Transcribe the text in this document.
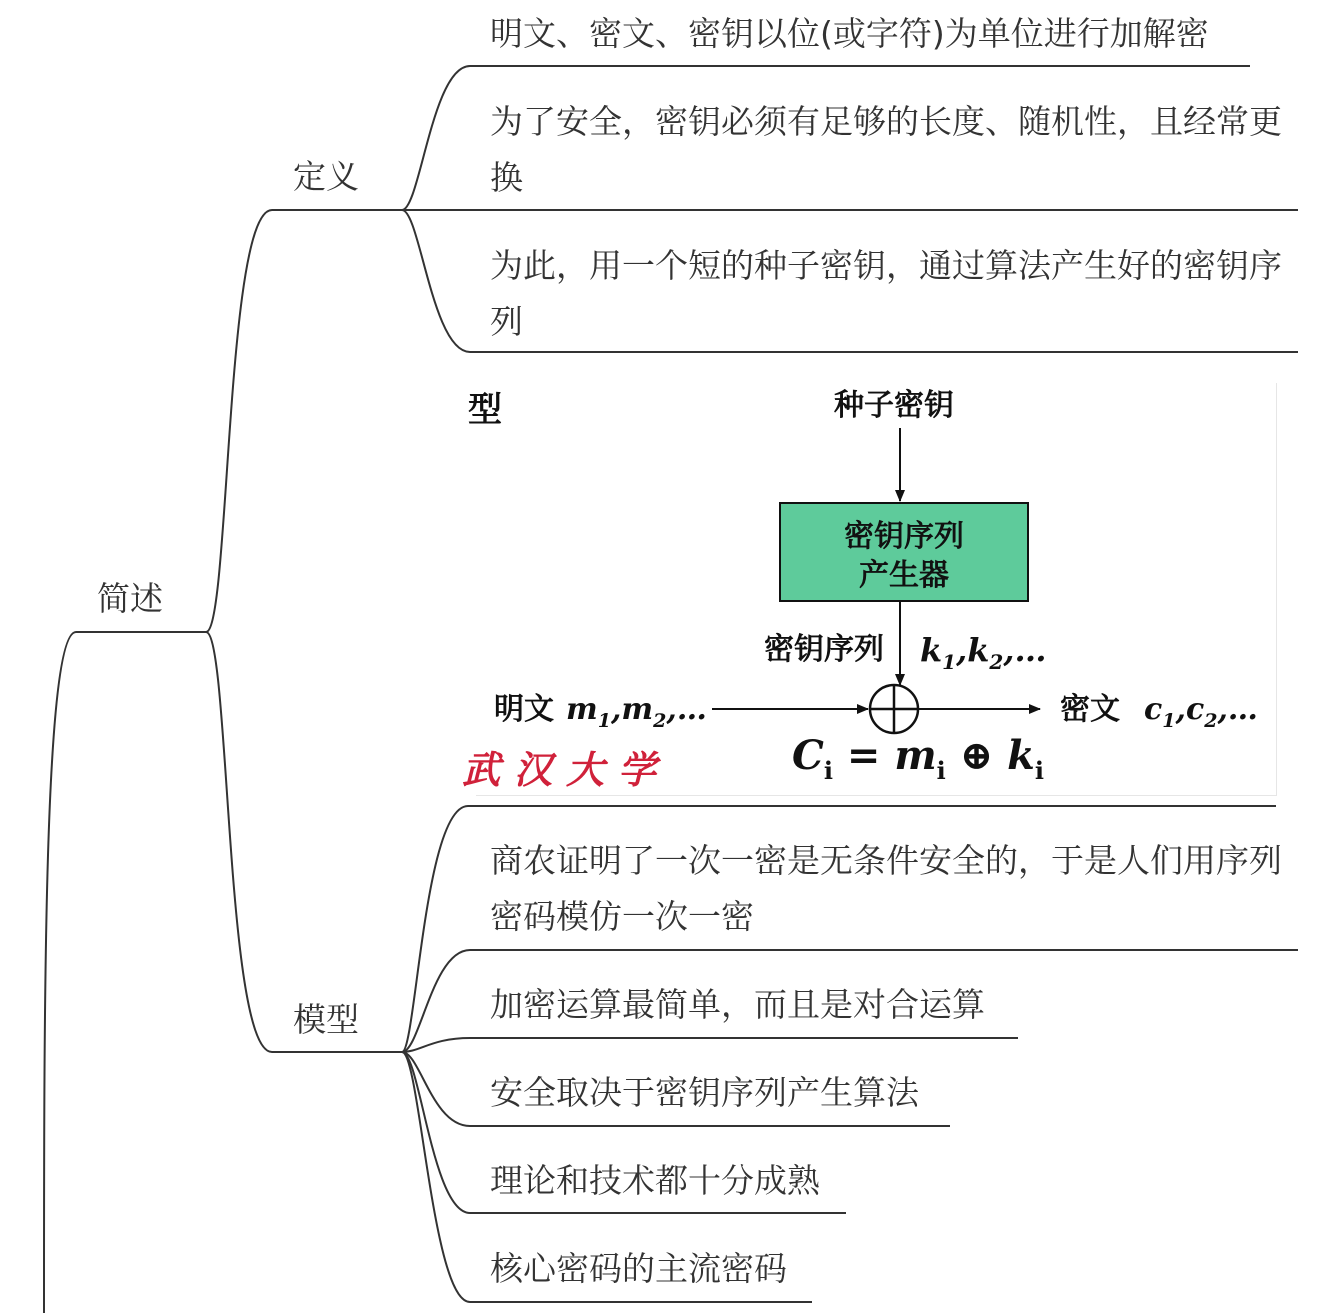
简述
定义
模型
明文、密文、密钥以位(或字符)为单位进行加解密
为了安全，密钥必须有足够的长度、随机性，且经常更换
为此，用一个短的种子密钥，通过算法产生好的密钥序列
型	种子密钥
密钥序列
产生器
密钥序列 $k_1,k_2,\dots$
明文 $m_1,m_2,\dots$	密文 $c_1,c_2,\dots$
$C_i = m_i$ ⊕ $k_i$
武汉大学
商农证明了一次一密是无条件安全的，于是人们用序列密码模仿一次一密
加密运算最简单，而且是对合运算
安全取决于密钥序列产生算法
理论和技术都十分成熟
核心密码的主流密码
